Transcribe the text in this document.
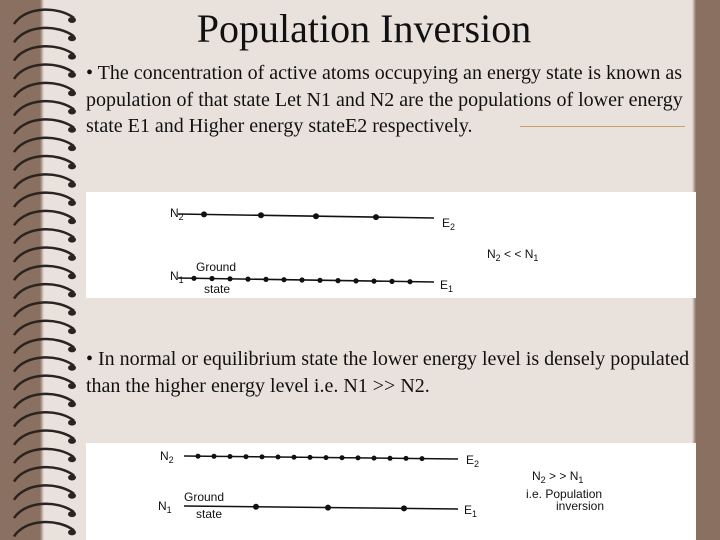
Population Inversion
• The concentration of active atoms occupying an energy state is known as population of that state Let N1 and N2 are the populations of lower energy state E1 and Higher energy stateE2 respectively.
$N_2$	$E_2$
$N_2$ < < $N_1$
Ground
state
$N_1$	$E_1$
• In normal or equilibrium state the lower energy level is densely populated than the higher energy level i.e. N1 >> N2.
$N_2$	$E_2$
$N_2$ > > $N_1$
i.e. Population
inversion
Ground
state
$N_1$	$E_1$
